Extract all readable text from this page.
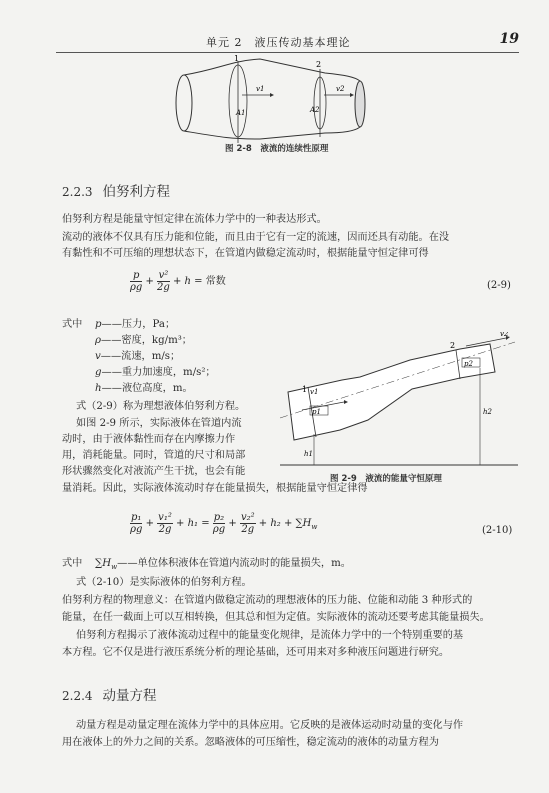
单元 2　液压传动基本理论	19
1
2
v1	v2
A1	A2
图 2-8　液流的连续性原理
2.2.3 伯努利方程
伯努利方程是能量守恒定律在流体力学中的一种表达形式。
流动的液体不仅具有压力能和位能，而且由于它有一定的流速，因而还具有动能。在没
有黏性和不可压缩的理想状态下，在管道内做稳定流动时，根据能量守恒定律可得
$\frac{p}{\rho g} + \frac{\text{v²}}{2g} + h$ = 常数	(2-9)
式中 p——压力，Pa；
ρ——密度，kg/m³；
v——流速，m/s；
g——重力加速度，m/s²；
h——液位高度，m。
式（2-9）称为理想液体伯努利方程。
如图 2-9 所示，实际液体在管道内流
动时，由于液体黏性而存在内摩擦力作
用，消耗能量。同时，管道的尺寸和局部
形状骤然变化对液流产生干扰，也会有能
量消耗。因此，实际液体流动时存在能量损失，根据能量守恒定律得
1
2
v1
v2
p1
p2
h1
h2
图 2-9　液流的能量守恒原理
$\frac{\text{p₁}}{\rho g} + \frac{\text{v₁²}}{2g} + h_1 = \frac{\text{p₂}}{\rho g} + \frac{\text{v₂²}}{2g} + h_2 + \sum H_w$	(2-10)
式中 $\sum H_w——$单位体积液体在管道内流动时的能量损失，m。
式（2-10）是实际液体的伯努利方程。
伯努利方程的物理意义：在管道内做稳定流动的理想液体的压力能、位能和动能 3 种形式的
能量，在任一截面上可以互相转换，但其总和恒为定值。实际液体的流动还要考虑其能量损失。
伯努利方程揭示了液体流动过程中的能量变化规律，是流体力学中的一个特别重要的基
本方程。它不仅是进行液压系统分析的理论基础，还可用来对多种液压问题进行研究。
2.2.4 动量方程
动量方程是动量定理在流体力学中的具体应用。它反映的是液体运动时动量的变化与作
用在液体上的外力之间的关系。忽略液体的可压缩性，稳定流动的液体的动量方程为
